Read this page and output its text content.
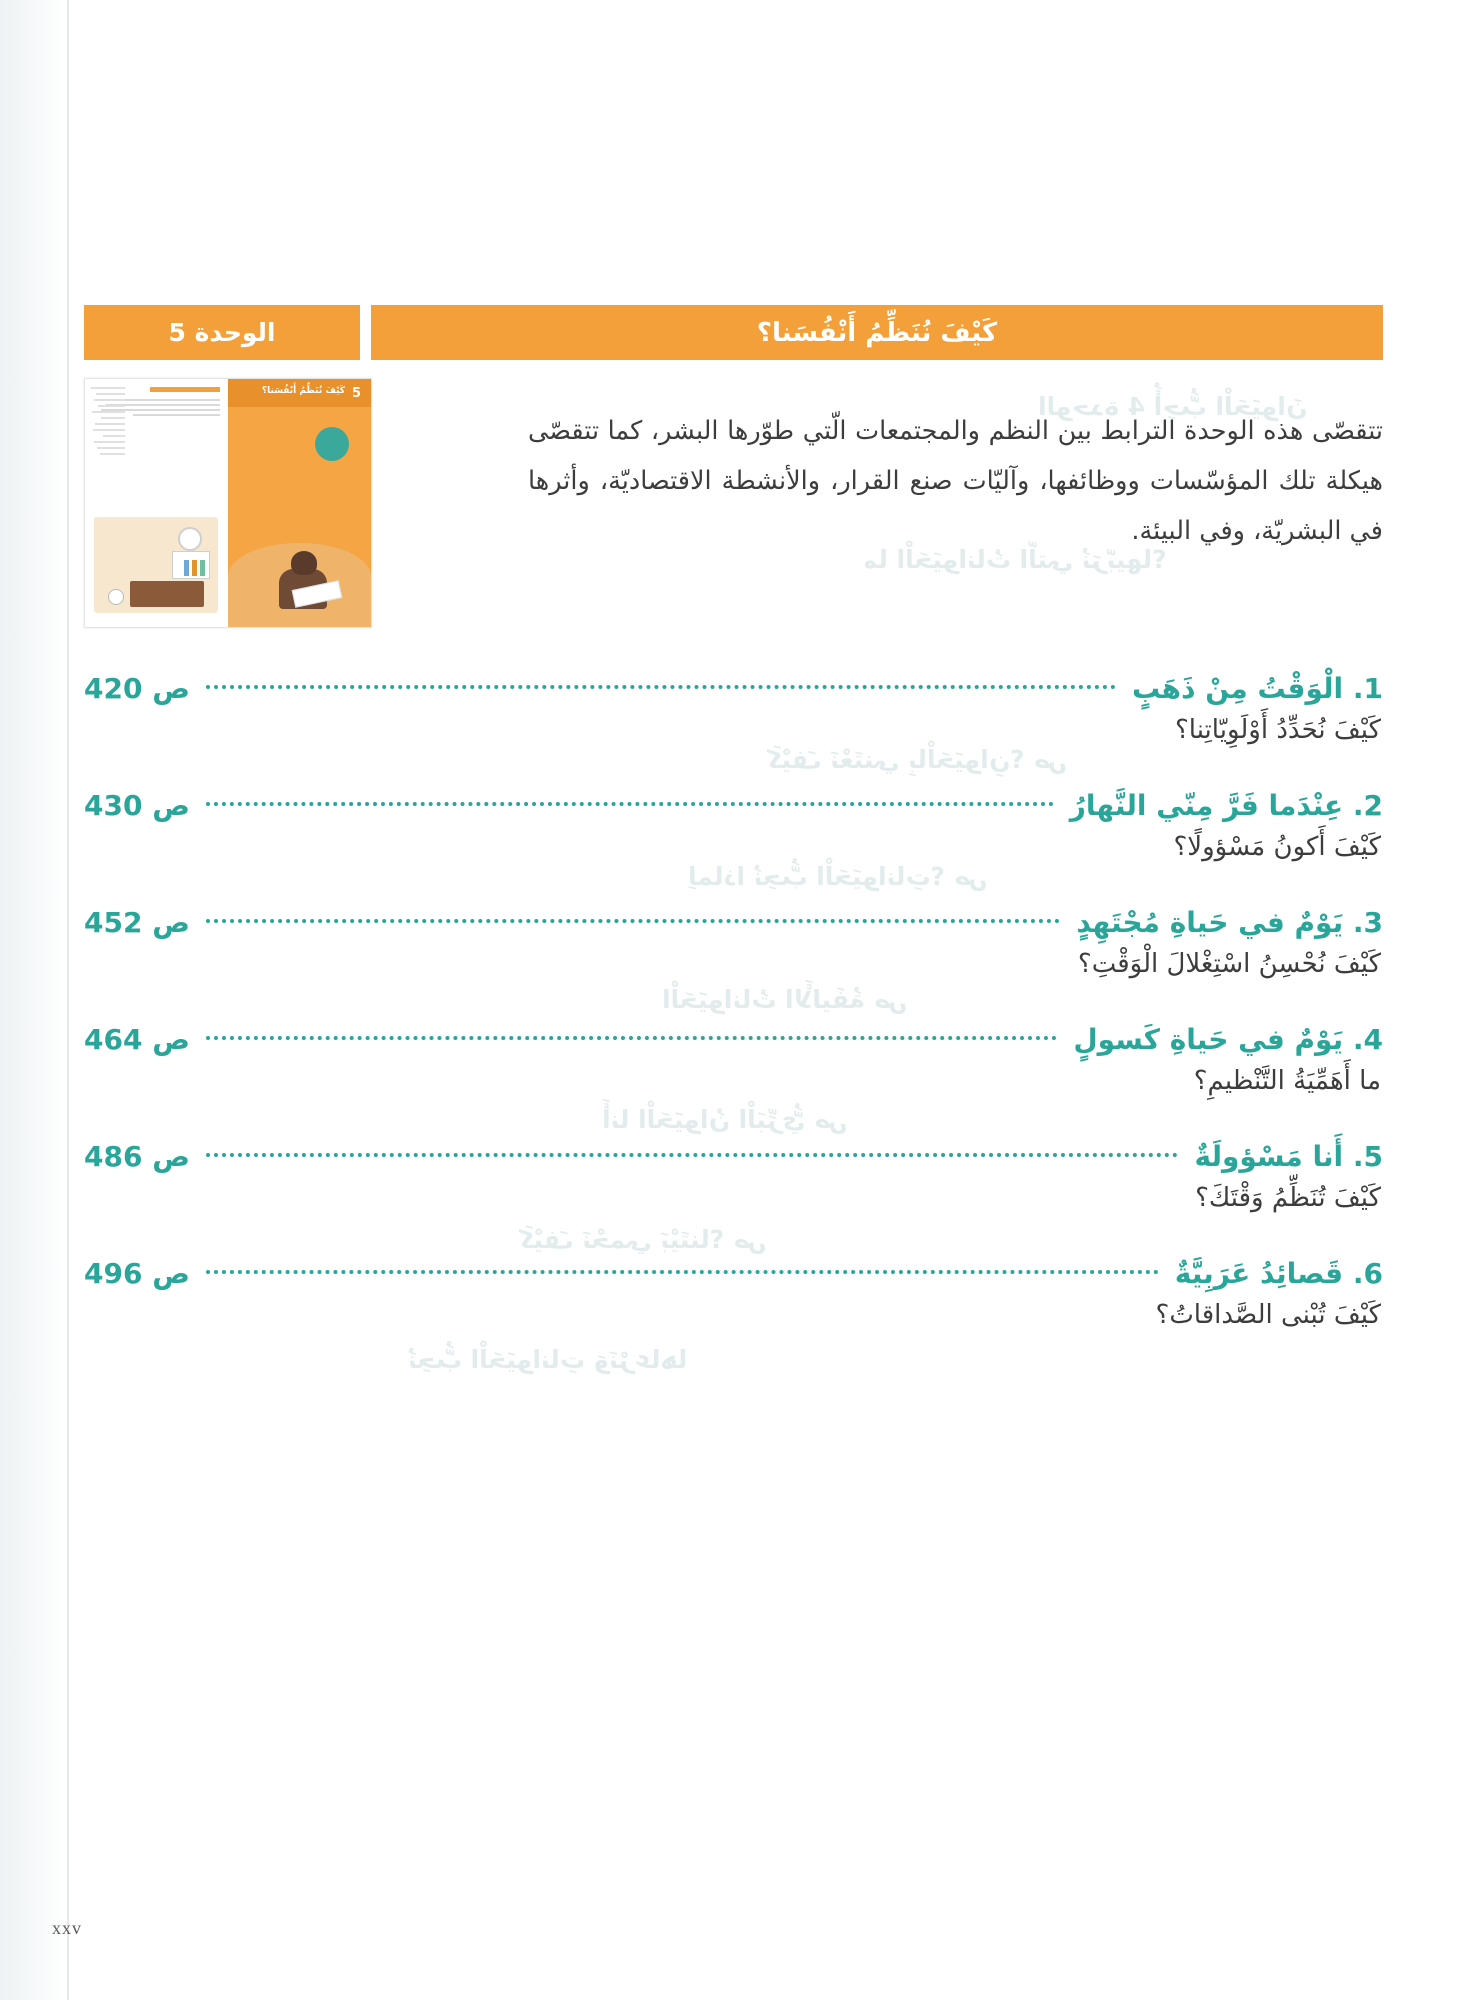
الوحدة 4 أُحِبُّ الْحَيَوانَ
ما الْحَيَواناتُ الّتي نُرَبّيها؟
كَيْفَ نَعْتَني بِالْحَيَوانِ؟ ص
لِماذا نُحِبُّ الْحَيَواناتِ؟ ص
الْحَيَواناتُ الأَليفَةُ ص
أَنا الْحَيَوانُ الْبَرِّيُّ ص
كَيْفَ نَحْمي بَيْتَنا؟ ص
نُحِبُّ الْحَيَواناتِ وَنَرْعاها
كَيْفَ نُنَظِّمُ أَنْفُسَنا؟
الوحدة 5

تتقصّى هذه الوحدة الترابط بين النظم والمجتمعات الّتي طوّرها البشر، كما تتقصّى هيكلة تلك المؤسّسات ووظائفها، وآليّات صنع القرار، والأنشطة الاقتصاديّة، وأثرها في البشريّة، وفي البيئة.

5
كَيْفَ نُنَظِّمُ أَنْفُسَنا؟
1. الْوَقْتُ مِنْ ذَهَبٍ
ص 420
كَيْفَ نُحَدِّدُ أَوْلَوِيّاتِنا؟
2. عِنْدَما فَرَّ مِنّي النَّهارُ
ص 430
كَيْفَ أَكونُ مَسْؤولًا؟
3. يَوْمٌ في حَياةِ مُجْتَهِدٍ
ص 452
كَيْفَ نُحْسِنُ اسْتِغْلالَ الْوَقْتِ؟
4. يَوْمٌ في حَياةِ كَسولٍ
ص 464
ما أَهَمِّيَةُ التَّنْظيمِ؟
5. أَنا مَسْؤولَةٌ
ص 486
كَيْفَ تُنَظِّمُ وَقْتَكَ؟
6. قَصائِدُ عَرَبِيَّةٌ
ص 496
كَيْفَ تُبْنى الصَّداقاتُ؟
xxv
